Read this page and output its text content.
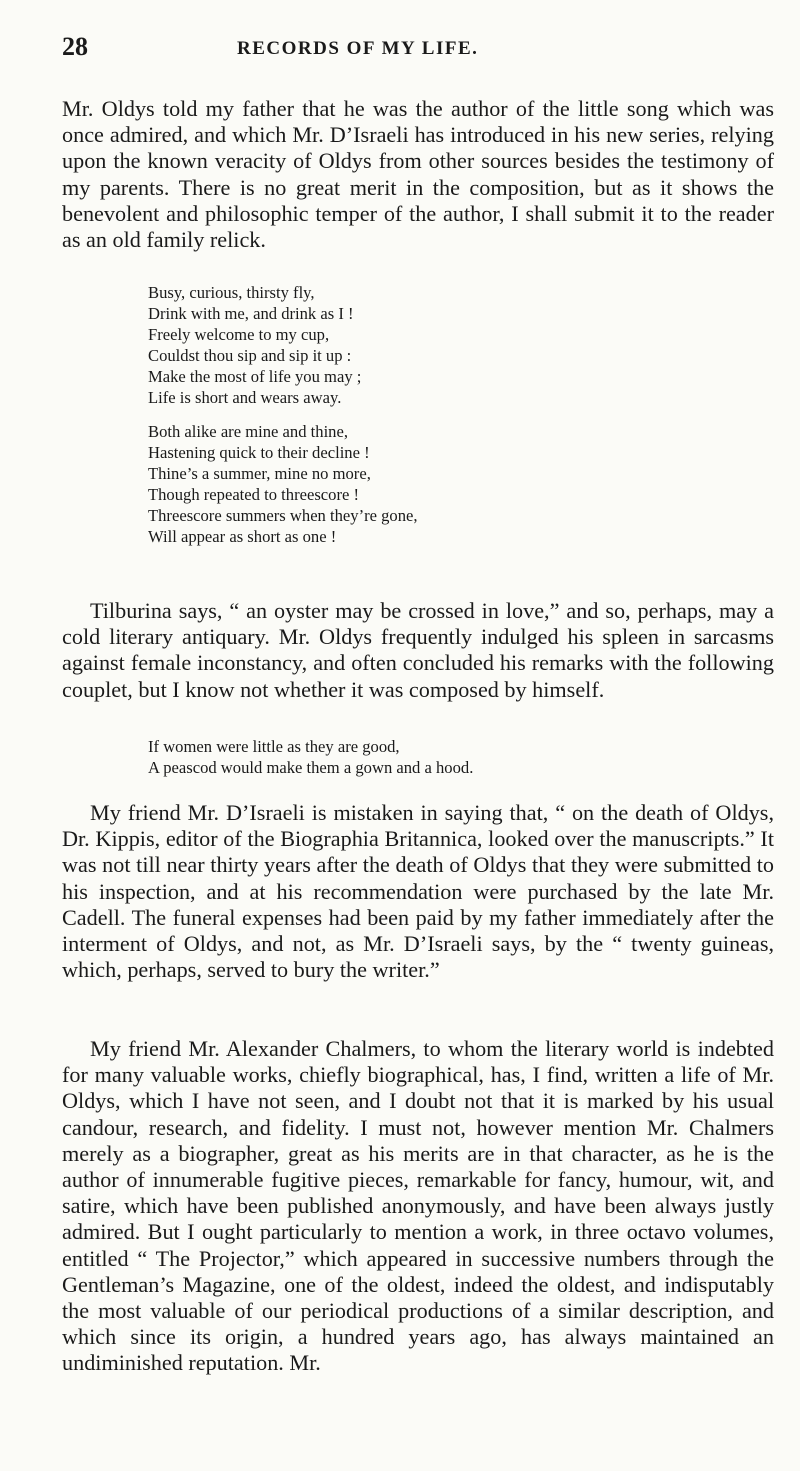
28	RECORDS OF MY LIFE.

Mr. Oldys told my father that he was the author of the little song which was once admired, and which Mr. D’Israeli has introduced in his new series, relying upon the known veracity of Oldys from other sources besides the testimony of my parents. There is no great merit in the composition, but as it shows the benevolent and philosophic temper of the author, I shall submit it to the reader as an old family relick.

Busy, curious, thirsty fly,
Drink with me, and drink as I !
Freely welcome to my cup,
Couldst thou sip and sip it up :
Make the most of life you may ;
Life is short and wears away.
Both alike are mine and thine,
Hastening quick to their decline !
Thine’s a summer, mine no more,
Though repeated to threescore !
Threescore summers when they’re gone,
Will appear as short as one !

Tilburina says, “ an oyster may be crossed in love,” and so, perhaps, may a cold literary antiquary. Mr. Oldys frequently indulged his spleen in sarcasms against female inconstancy, and often concluded his remarks with the following couplet, but I know not whether it was composed by himself.

If women were little as they are good,
A peascod would make them a gown and a hood.

My friend Mr. D’Israeli is mistaken in saying that, “ on the death of Oldys, Dr. Kippis, editor of the Biographia Britannica, looked over the manuscripts.” It was not till near thirty years after the death of Oldys that they were submitted to his inspection, and at his recommendation were purchased by the late Mr. Cadell. The funeral expenses had been paid by my father immediately after the interment of Oldys, and not, as Mr. D’Israeli says, by the “ twenty guineas, which, perhaps, served to bury the writer.”

My friend Mr. Alexander Chalmers, to whom the literary world is indebted for many valuable works, chiefly biographical, has, I find, written a life of Mr. Oldys, which I have not seen, and I doubt not that it is marked by his usual candour, research, and fidelity. I must not, however mention Mr. Chalmers merely as a biographer, great as his merits are in that character, as he is the author of innumerable fugitive pieces, remarkable for fancy, humour, wit, and satire, which have been published anonymously, and have been always justly admired. But I ought particularly to mention a work, in three octavo volumes, entitled “ The Projector,” which appeared in successive numbers through the Gentleman’s Magazine, one of the oldest, indeed the oldest, and indisputably the most valuable of our periodical productions of a similar description, and which since its origin, a hundred years ago, has always maintained an undiminished reputation. Mr.
